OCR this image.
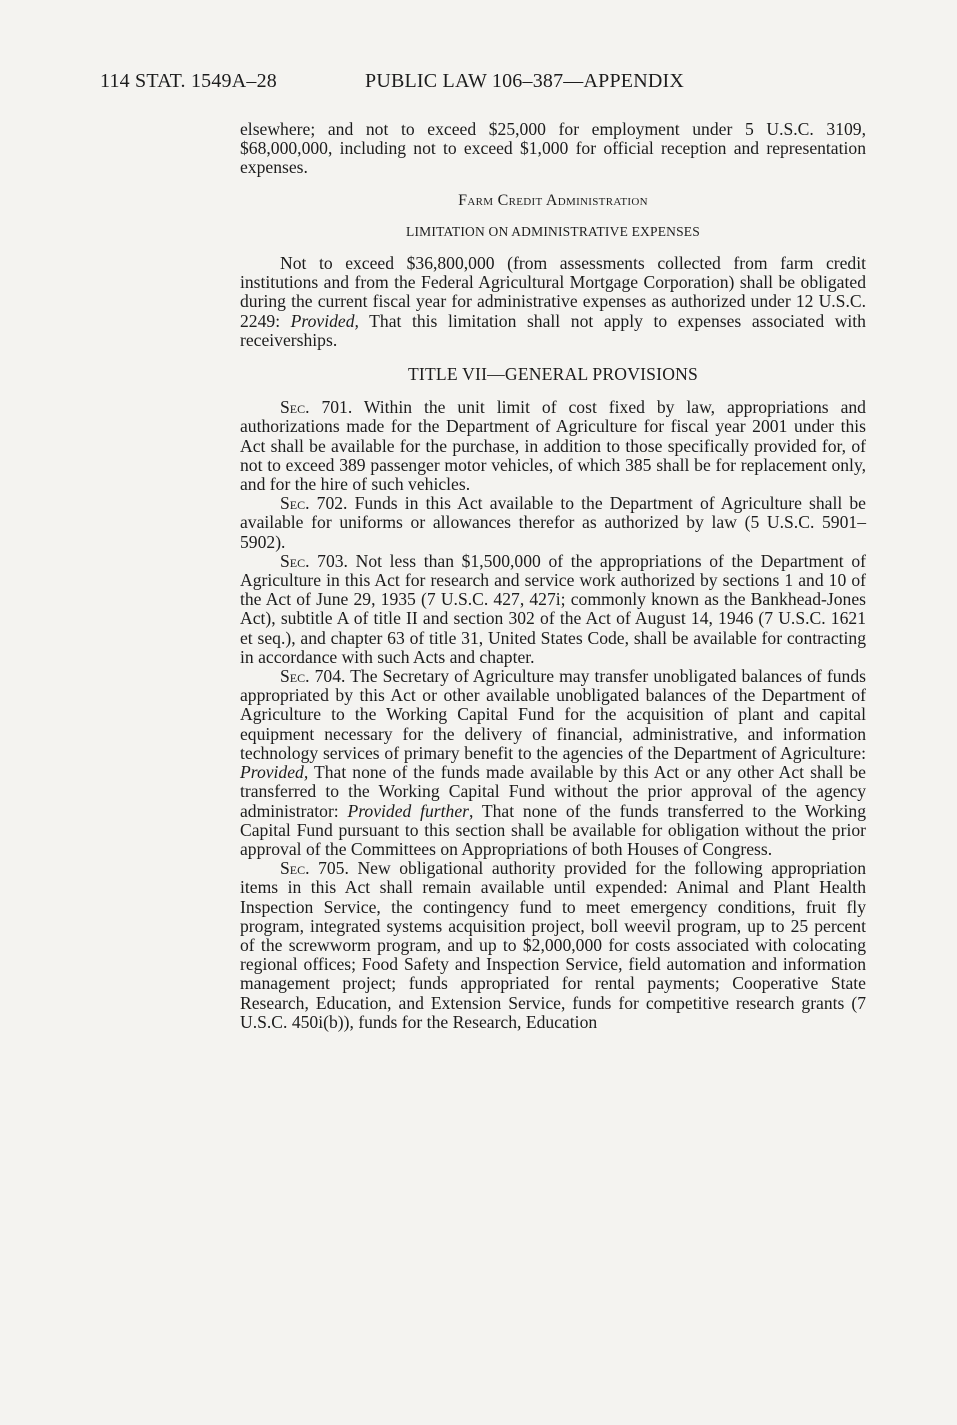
114 STAT. 1549A–28	PUBLIC LAW 106–387—APPENDIX

elsewhere; and not to exceed $25,000 for employment under 5 U.S.C. 3109, $68,000,000, including not to exceed $1,000 for official reception and representation expenses.

Farm Credit Administration

LIMITATION ON ADMINISTRATIVE EXPENSES

Not to exceed $36,800,000 (from assessments collected from farm credit institutions and from the Federal Agricultural Mortgage Corporation) shall be obligated during the current fiscal year for administrative expenses as authorized under 12 U.S.C. 2249: Provided, That this limitation shall not apply to expenses associated with receiverships.

TITLE VII—GENERAL PROVISIONS

Sec. 701. Within the unit limit of cost fixed by law, appropriations and authorizations made for the Department of Agriculture for fiscal year 2001 under this Act shall be available for the purchase, in addition to those specifically provided for, of not to exceed 389 passenger motor vehicles, of which 385 shall be for replacement only, and for the hire of such vehicles.

Sec. 702. Funds in this Act available to the Department of Agriculture shall be available for uniforms or allowances therefor as authorized by law (5 U.S.C. 5901–5902).

Sec. 703. Not less than $1,500,000 of the appropriations of the Department of Agriculture in this Act for research and service work authorized by sections 1 and 10 of the Act of June 29, 1935 (7 U.S.C. 427, 427i; commonly known as the Bankhead-Jones Act), subtitle A of title II and section 302 of the Act of August 14, 1946 (7 U.S.C. 1621 et seq.), and chapter 63 of title 31, United States Code, shall be available for contracting in accordance with such Acts and chapter.

Sec. 704. The Secretary of Agriculture may transfer unobligated balances of funds appropriated by this Act or other available unobligated balances of the Department of Agriculture to the Working Capital Fund for the acquisition of plant and capital equipment necessary for the delivery of financial, administrative, and information technology services of primary benefit to the agencies of the Department of Agriculture: Provided, That none of the funds made available by this Act or any other Act shall be transferred to the Working Capital Fund without the prior approval of the agency administrator: Provided further, That none of the funds transferred to the Working Capital Fund pursuant to this section shall be available for obligation without the prior approval of the Committees on Appropriations of both Houses of Congress.

Sec. 705. New obligational authority provided for the following appropriation items in this Act shall remain available until expended: Animal and Plant Health Inspection Service, the contingency fund to meet emergency conditions, fruit fly program, integrated systems acquisition project, boll weevil program, up to 25 percent of the screwworm program, and up to $2,000,000 for costs associated with colocating regional offices; Food Safety and Inspection Service, field automation and information management project; funds appropriated for rental payments; Cooperative State Research, Education, and Extension Service, funds for competitive research grants (7 U.S.C. 450i(b)), funds for the Research, Education
